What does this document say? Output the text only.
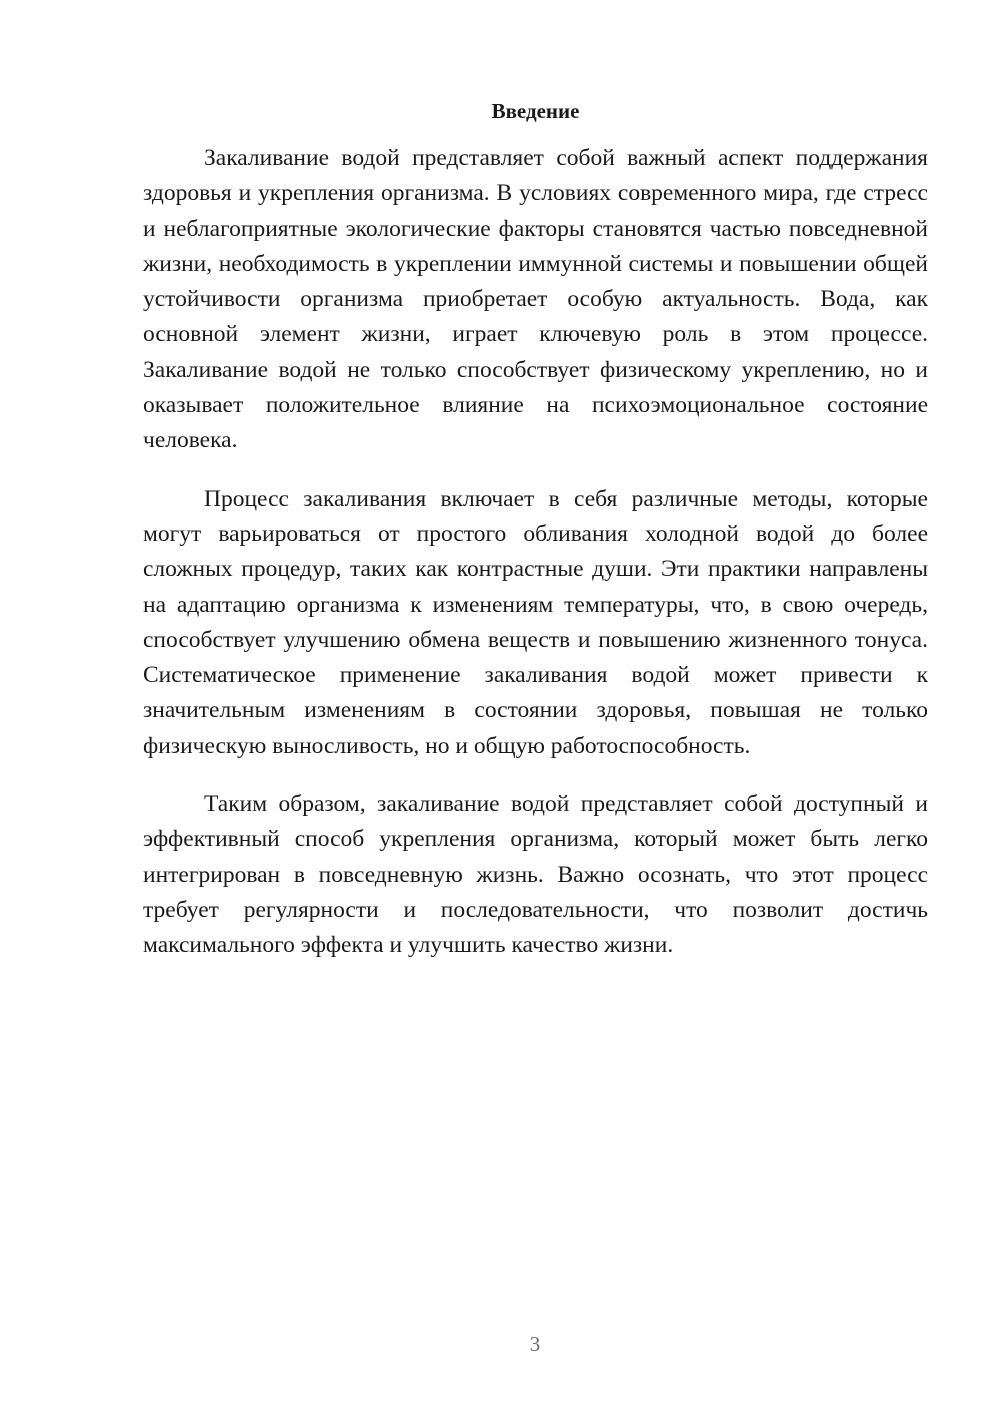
Введение

Закаливание водой представляет собой важный аспект поддержания здоровья и укрепления организма. В условиях современного мира, где стресс и неблагоприятные экологические факторы становятся частью повседневной жизни, необходимость в укреплении иммунной системы и повышении общей устойчивости организма приобретает особую актуальность. Вода, как основной элемент жизни, играет ключевую роль в этом процессе. Закаливание водой не только способствует физическому укреплению, но и оказывает положительное влияние на психоэмоциональное состояние человека.

Процесс закаливания включает в себя различные методы, которые могут варьироваться от простого обливания холодной водой до более сложных процедур, таких как контрастные души. Эти практики направлены на адаптацию организма к изменениям температуры, что, в свою очередь, способствует улучшению обмена веществ и повышению жизненного тонуса. Систематическое применение закаливания водой может привести к значительным изменениям в состоянии здоровья, повышая не только физическую выносливость, но и общую работоспособность.

Таким образом, закаливание водой представляет собой доступный и эффективный способ укрепления организма, который может быть легко интегрирован в повседневную жизнь. Важно осознать, что этот процесс требует регулярности и последовательности, что позволит достичь максимального эффекта и улучшить качество жизни.

3
